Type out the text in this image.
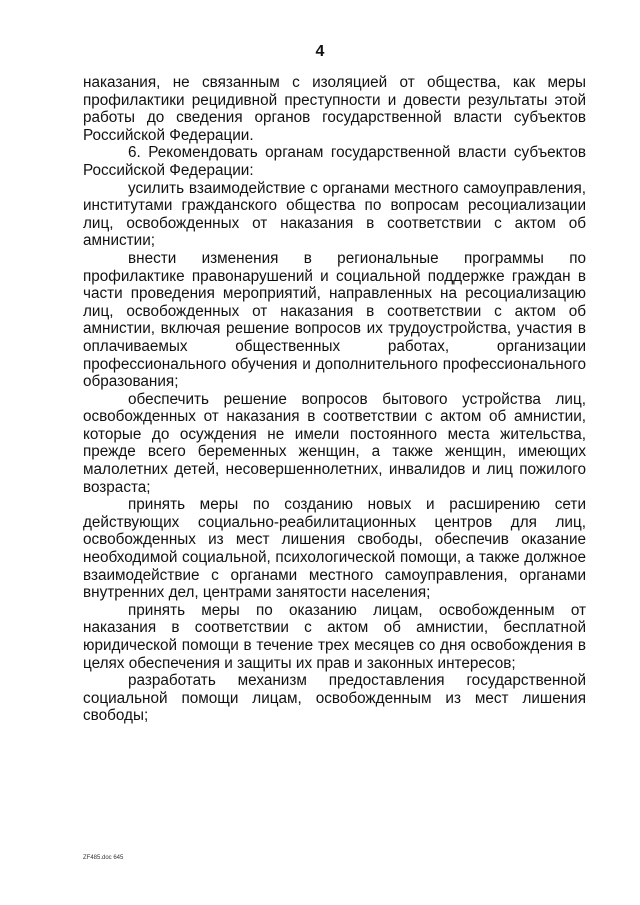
4

наказания, не связанным с изоляцией от общества, как меры профилактики рецидивной преступности и довести результаты этой работы до сведения органов государственной власти субъектов Российской Федерации.

6. Рекомендовать органам государственной власти субъектов Российской Федерации:

усилить взаимодействие с органами местного самоуправления, институтами гражданского общества по вопросам ресоциализации лиц, освобожденных от наказания в соответствии с актом об амнистии;

внести изменения в региональные программы по профилактике правонарушений и социальной поддержке граждан в части проведения мероприятий, направленных на ресоциализацию лиц, освобожденных от наказания в соответствии с актом об амнистии, включая решение вопросов их трудоустройства, участия в оплачиваемых общественных работах, организации профессионального обучения и дополнительного профессионального образования;

обеспечить решение вопросов бытового устройства лиц, освобожденных от наказания в соответствии с актом об амнистии, которые до осуждения не имели постоянного места жительства, прежде всего беременных женщин, а также женщин, имеющих малолетних детей, несовершеннолетних, инвалидов и лиц пожилого возраста;

принять меры по созданию новых и расширению сети действующих социально-реабилитационных центров для лиц, освобожденных из мест лишения свободы, обеспечив оказание необходимой социальной, психологической помощи, а также должное взаимодействие с органами местного самоуправления, органами внутренних дел, центрами занятости населения;

принять меры по оказанию лицам, освобожденным от наказания в соответствии с актом об амнистии, бесплатной юридической помощи в течение трех месяцев со дня освобождения в целях обеспечения и защиты их прав и законных интересов;

разработать механизм предоставления государственной социальной помощи лицам, освобожденным из мест лишения свободы;

ZF485.doc 645
